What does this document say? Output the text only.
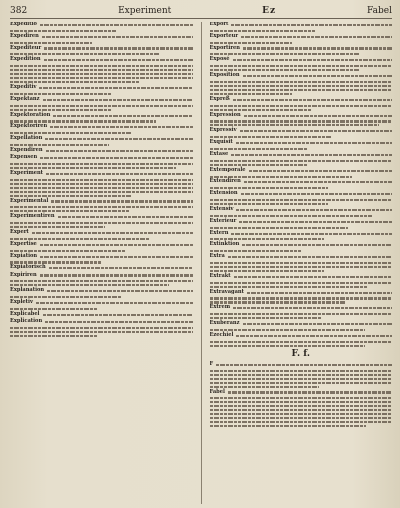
382	Experiment	Ez	Fabel
Expeditio
Expediren
Expediteur
Expedition
Expeditiv
Expektanz
Expektoration
Expektoriren
Expellation
Expendiren
Expensen
Experiment
Experimental
Experimentiren
Expert
Expertise
Expiation
Expiatorisch
Expiriren
Explanation
Expletiv
Explicabel
Explication
Export
Exporteur
Exportiren
Exposé
Exposition
Expreß
Expression
Expressiv
Exquisit
Extase
Extemporale
Extendiren
Extension
Extensiv
Exterieur
Extern
Extinktion
Extra
Extrakt
Extravagant
Extrem
Exuberanz
Ezechiel
F. f.
F
Fabel
